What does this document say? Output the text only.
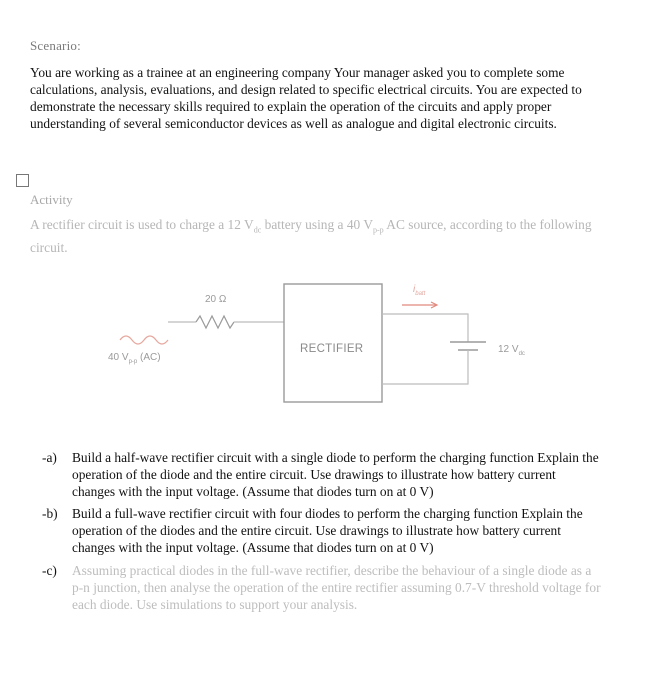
Scenario:
You are working as a trainee at an engineering company Your manager asked you to complete some calculations, analysis, evaluations, and design related to specific electrical circuits. You are expected to demonstrate the necessary skills required to explain the operation of the circuits and apply proper understanding of several semiconductor devices as well as analogue and digital electronic circuits.
Activity
A rectifier circuit is used to charge a 12 $V_{dc}$ battery using a 40 $V_{p-p}$ AC source, according to the following circuit.
20 Ω
40 $V_{p-p}$ (AC)
RECTIFIER
$i_{batt}$
12 $V_{dc}$
-a) Build a half-wave rectifier circuit with a single diode to perform the charging function Explain the operation of the diode and the entire circuit. Use drawings to illustrate how battery current changes with the input voltage. (Assume that diodes turn on at 0 V)
-b) Build a full-wave rectifier circuit with four diodes to perform the charging function Explain the operation of the diodes and the entire circuit. Use drawings to illustrate how battery current changes with the input voltage. (Assume that diodes turn on at 0 V)
-c) Assuming practical diodes in the full-wave rectifier, describe the behaviour of a single diode as a p-n junction, then analyse the operation of the entire rectifier assuming 0.7-V threshold voltage for each diode. Use simulations to support your analysis.
